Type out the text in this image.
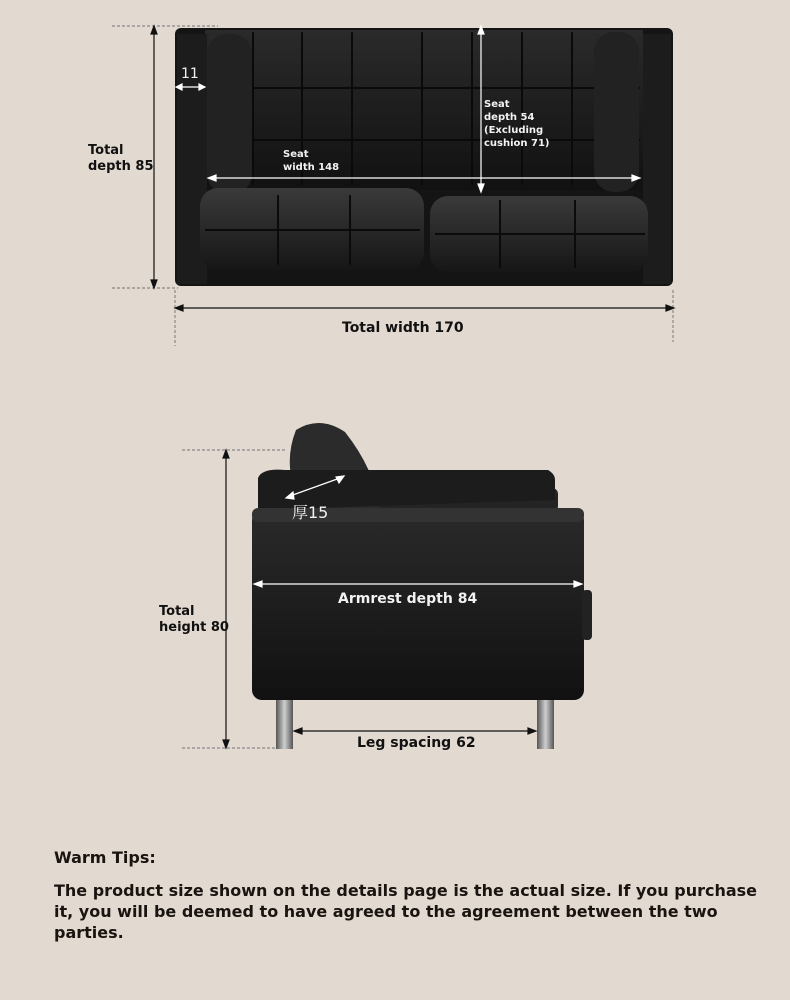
11
Total
depth 85
Seat
width 148
Seat
depth 54
(Excluding
cushion 71)
Total width 170
厚15
Total
height 80
Armrest depth 84
Leg spacing 62
Warm Tips:
The product size shown on the details page is the actual size. If you purchase it, you will be deemed to have agreed to the agreement between the two parties.
